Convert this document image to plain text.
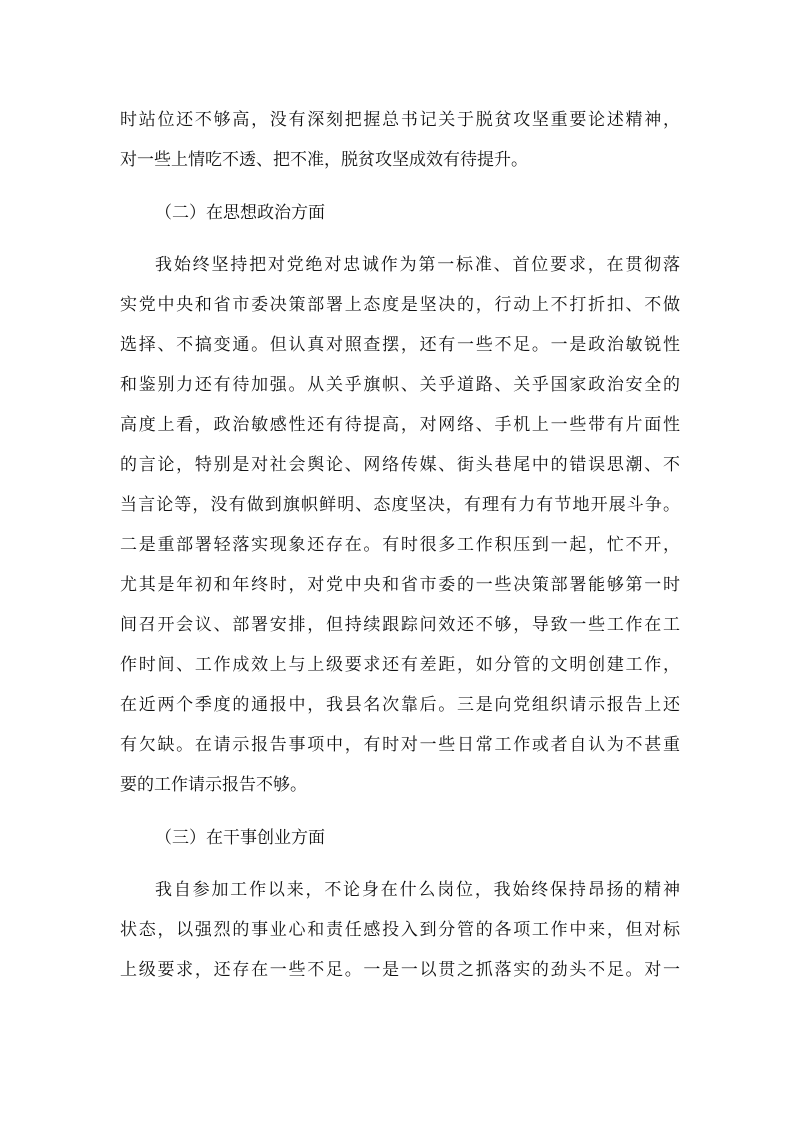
时站位还不够高，没有深刻把握总书记关于脱贫攻坚重要论述精神，

对一些上情吃不透、把不准，脱贫攻坚成效有待提升。

（二）在思想政治方面

我始终坚持把对党绝对忠诚作为第一标准、首位要求，在贯彻落

实党中央和省市委决策部署上态度是坚决的，行动上不打折扣、不做

选择、不搞变通。但认真对照查摆，还有一些不足。一是政治敏锐性

和鉴别力还有待加强。从关乎旗帜、关乎道路、关乎国家政治安全的

高度上看，政治敏感性还有待提高，对网络、手机上一些带有片面性

的言论，特别是对社会舆论、网络传媒、街头巷尾中的错误思潮、不

当言论等，没有做到旗帜鲜明、态度坚决，有理有力有节地开展斗争。

二是重部署轻落实现象还存在。有时很多工作积压到一起，忙不开，

尤其是年初和年终时，对党中央和省市委的一些决策部署能够第一时

间召开会议、部署安排，但持续跟踪问效还不够，导致一些工作在工

作时间、工作成效上与上级要求还有差距，如分管的文明创建工作，

在近两个季度的通报中，我县名次靠后。三是向党组织请示报告上还

有欠缺。在请示报告事项中，有时对一些日常工作或者自认为不甚重

要的工作请示报告不够。

（三）在干事创业方面

我自参加工作以来，不论身在什么岗位，我始终保持昂扬的精神

状态，以强烈的事业心和责任感投入到分管的各项工作中来，但对标

上级要求，还存在一些不足。一是一以贯之抓落实的劲头不足。对一
